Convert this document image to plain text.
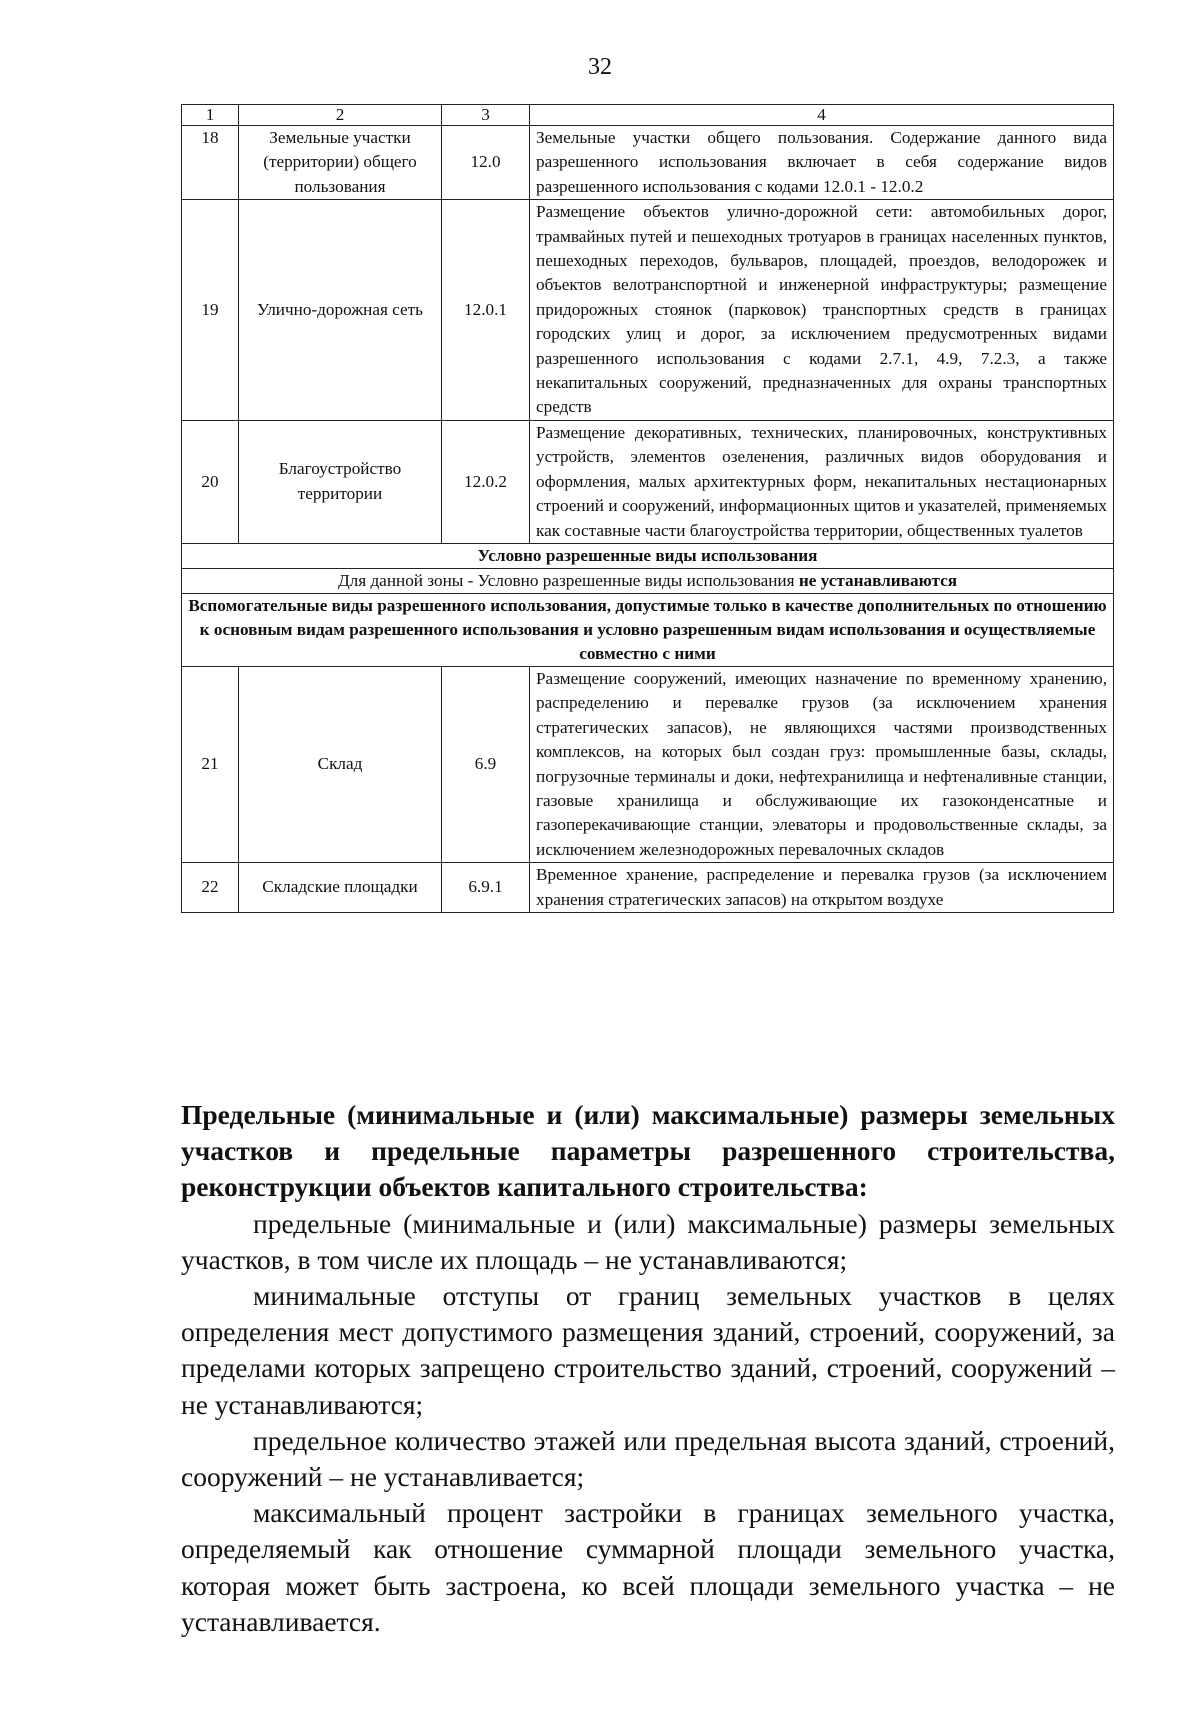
32
1	2	3	4
18	Земельные участки (территории) общего пользования	12.0	Земельные участки общего пользования. Содержание данного вида разрешенного использования включает в себя содержание видов разрешенного использования с кодами 12.0.1 - 12.0.2
19	Улично-дорожная сеть	12.0.1	Размещение объектов улично-дорожной сети: автомобильных дорог, трамвайных путей и пешеходных тротуаров в границах населенных пунктов, пешеходных переходов, бульваров, площадей, проездов, велодорожек и объектов велотранспортной и инженерной инфраструктуры; размещение придорожных стоянок (парковок) транспортных средств в границах городских улиц и дорог, за исключением предусмотренных видами разрешенного использования с кодами 2.7.1, 4.9, 7.2.3, а также некапитальных сооружений, предназначенных для охраны транспортных средств
20	Благоустройство территории	12.0.2	Размещение декоративных, технических, планировочных, конструктивных устройств, элементов озеленения, различных видов оборудования и оформления, малых архитектурных форм, некапитальных нестационарных строений и сооружений, информационных щитов и указателей, применяемых как составные части благоустройства территории, общественных туалетов
Условно разрешенные виды использования			
Для данной зоны - Условно разрешенные виды использования не устанавливаются			
Вспомогательные виды разрешенного использования, допустимые только в качестве дополнительных по отношению к основным видам разрешенного использования и условно разрешенным видам использования и осуществляемые совместно с ними			
21	Склад	6.9	Размещение сооружений, имеющих назначение по временному хранению, распределению и перевалке грузов (за исключением хранения стратегических запасов), не являющихся частями производственных комплексов, на которых был создан груз: промышленные базы, склады, погрузочные терминалы и доки, нефтехранилища и нефтеналивные станции, газовые хранилища и обслуживающие их газоконденсатные и газоперекачивающие станции, элеваторы и продовольственные склады, за исключением железнодорожных перевалочных складов
22	Складские площадки	6.9.1	Временное хранение, распределение и перевалка грузов (за исключением хранения стратегических запасов) на открытом воздухе

Предельные (минимальные и (или) максимальные) размеры земельных участков и предельные параметры разрешенного строительства, реконструкции объектов капитального строительства:

предельные (минимальные и (или) максимальные) размеры земельных участков, в том числе их площадь – не устанавливаются;

минимальные отступы от границ земельных участков в целях определения мест допустимого размещения зданий, строений, сооружений, за пределами которых запрещено строительство зданий, строений, сооружений – не устанавливаются;

предельное количество этажей или предельная высота зданий, строений, сооружений – не устанавливается;

максимальный процент застройки в границах земельного участка, определяемый как отношение суммарной площади земельного участка, которая может быть застроена, ко всей площади земельного участка – не устанавливается.
